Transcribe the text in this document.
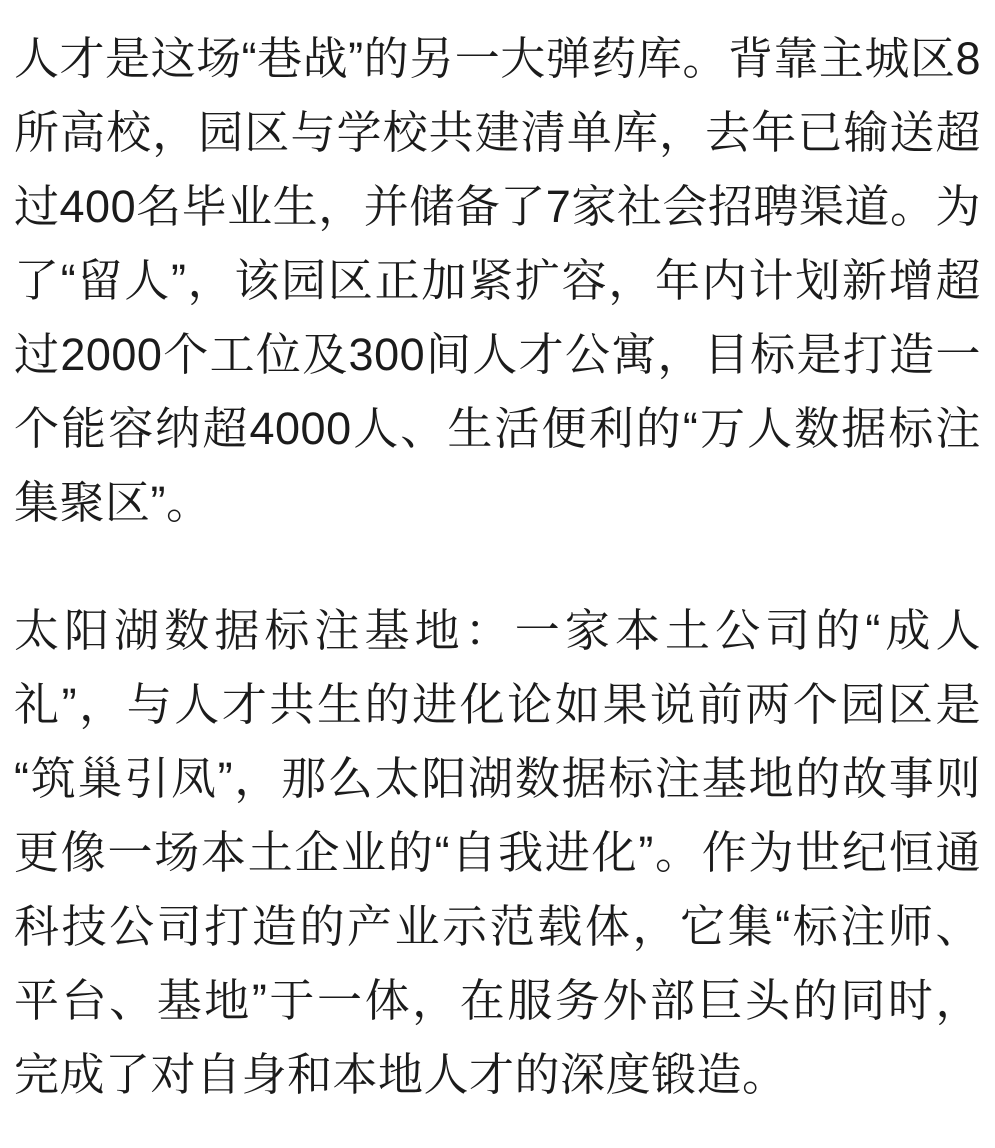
人才是这场“巷战”的另一大弹药库。背靠主城区8所高校，园区与学校共建清单库，去年已输送超过400名毕业生，并储备了7家社会招聘渠道。为了“留人”，该园区正加紧扩容，年内计划新增超过2000个工位及300间人才公寓，目标是打造一个能容纳超4000人、生活便利的“万人数据标注集聚区”。

太阳湖数据标注基地：一家本土公司的“成人礼”，与人才共生的进化论如果说前两个园区是“筑巢引凤”，那么太阳湖数据标注基地的故事则更像一场本土企业的“自我进化”。作为世纪恒通科技公司打造的产业示范载体，它集“标注师、平台、基地”于一体，在服务外部巨头的同时，完成了对自身和本地人才的深度锻造。
